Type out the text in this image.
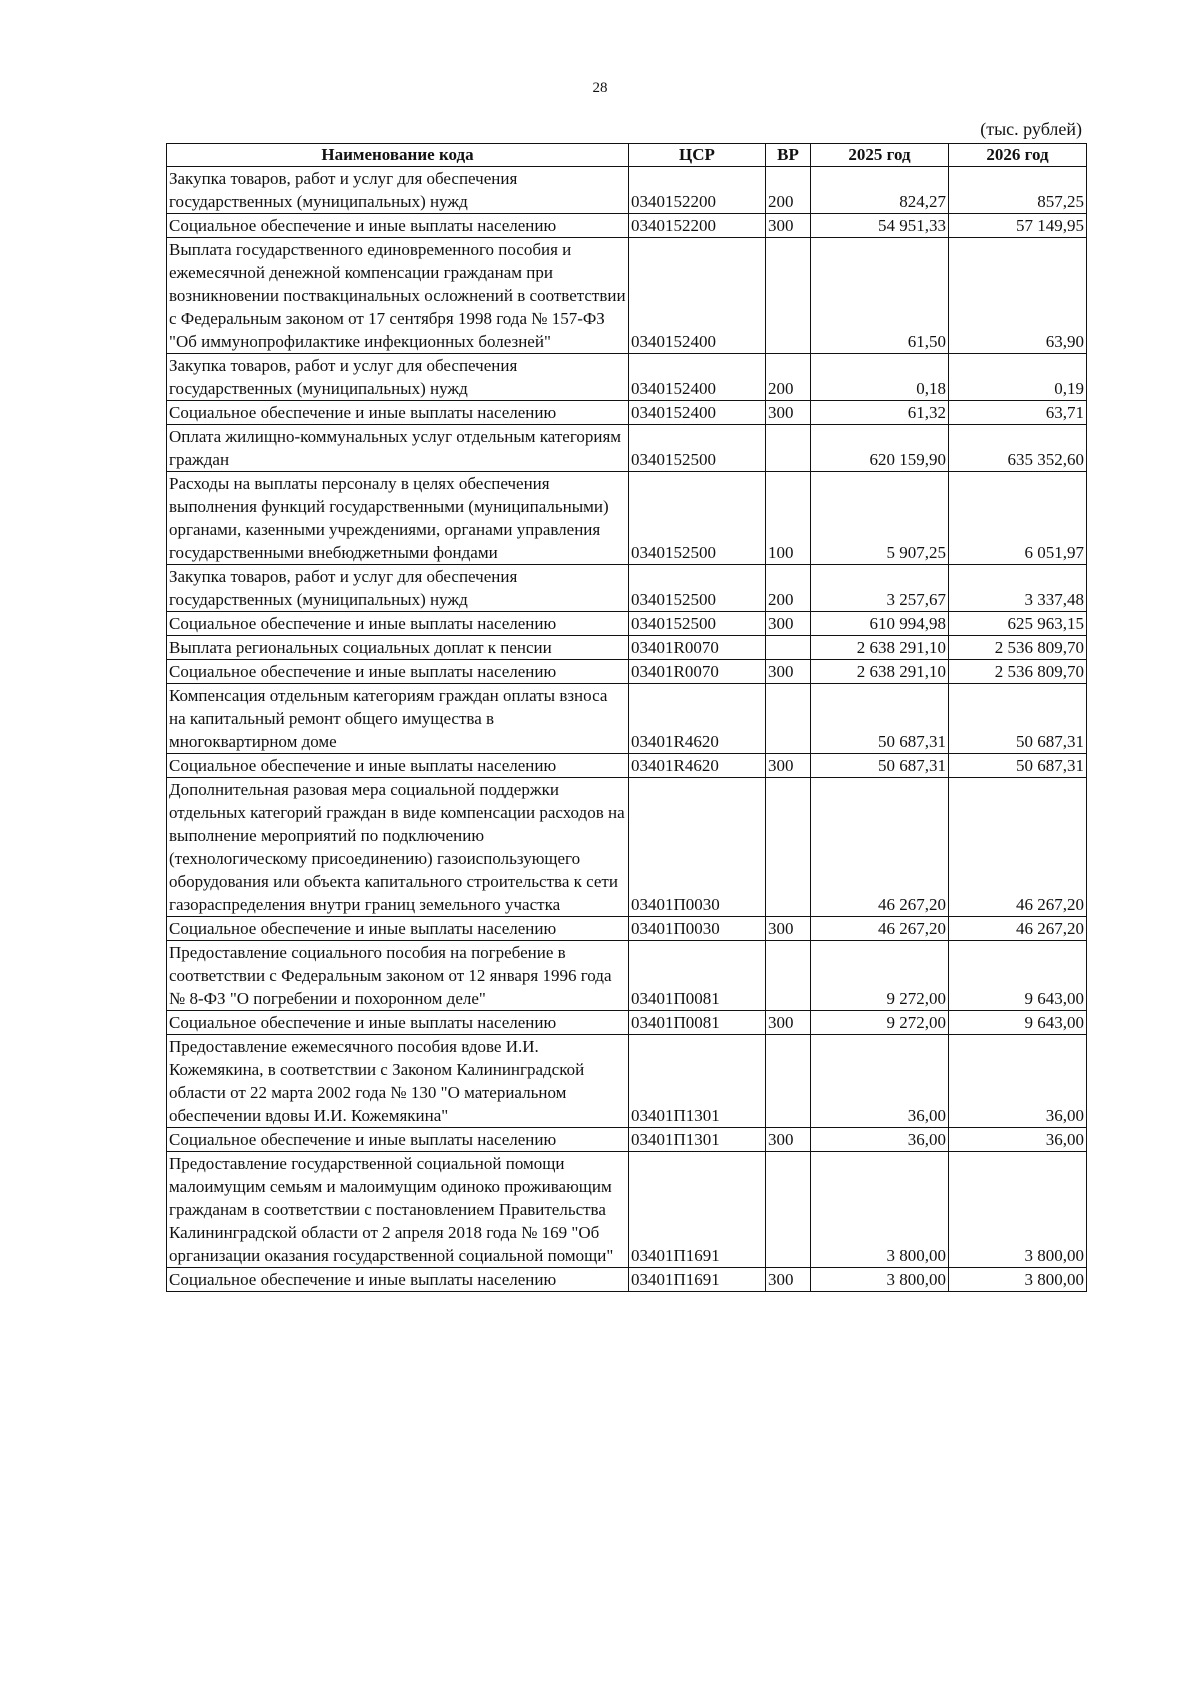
28
(тыс. рублей)
Наименование кода	ЦСР	ВР	2025 год	2026 год
Закупка товаров, работ и услуг для обеспечения государственных (муниципальных) нужд	0340152200	200	824,27	857,25
Социальное обеспечение и иные выплаты населению	0340152200	300	54 951,33	57 149,95
Выплата государственного единовременного пособия и ежемесячной денежной компенсации гражданам при возникновении поствакцинальных осложнений в соответствии с Федеральным законом от 17 сентября 1998 года № 157-ФЗ "Об иммунопрофилактике инфекционных болезней"	0340152400		61,50	63,90
Закупка товаров, работ и услуг для обеспечения государственных (муниципальных) нужд	0340152400	200	0,18	0,19
Социальное обеспечение и иные выплаты населению	0340152400	300	61,32	63,71
Оплата жилищно-коммунальных услуг отдельным категориям граждан	0340152500		620 159,90	635 352,60
Расходы на выплаты персоналу в целях обеспечения выполнения функций государственными (муниципальными) органами, казенными учреждениями, органами управления государственными внебюджетными фондами	0340152500	100	5 907,25	6 051,97
Закупка товаров, работ и услуг для обеспечения государственных (муниципальных) нужд	0340152500	200	3 257,67	3 337,48
Социальное обеспечение и иные выплаты населению	0340152500	300	610 994,98	625 963,15
Выплата региональных социальных доплат к пенсии	03401R0070		2 638 291,10	2 536 809,70
Социальное обеспечение и иные выплаты населению	03401R0070	300	2 638 291,10	2 536 809,70
Компенсация отдельным категориям граждан оплаты взноса на капитальный ремонт общего имущества в многоквартирном доме	03401R4620		50 687,31	50 687,31
Социальное обеспечение и иные выплаты населению	03401R4620	300	50 687,31	50 687,31
Дополнительная разовая мера социальной поддержки отдельных категорий граждан в виде компенсации расходов на выполнение мероприятий по подключению (технологическому присоединению) газоиспользующего оборудования или объекта капитального строительства к сети газораспределения внутри границ земельного участка	03401П0030		46 267,20	46 267,20
Социальное обеспечение и иные выплаты населению	03401П0030	300	46 267,20	46 267,20
Предоставление социального пособия на погребение в соответствии с Федеральным законом от 12 января 1996 года № 8-ФЗ "О погребении и похоронном деле"	03401П0081		9 272,00	9 643,00
Социальное обеспечение и иные выплаты населению	03401П0081	300	9 272,00	9 643,00
Предоставление ежемесячного пособия вдове И.И. Кожемякина, в соответствии с Законом Калининградской области от 22 марта 2002 года № 130 "О материальном обеспечении вдовы И.И. Кожемякина"	03401П1301		36,00	36,00
Социальное обеспечение и иные выплаты населению	03401П1301	300	36,00	36,00
Предоставление государственной социальной помощи малоимущим семьям и малоимущим одиноко проживающим гражданам в соответствии с постановлением Правительства Калининградской области от 2 апреля 2018 года № 169 "Об организации оказания государственной социальной помощи"	03401П1691		3 800,00	3 800,00
Социальное обеспечение и иные выплаты населению	03401П1691	300	3 800,00	3 800,00
